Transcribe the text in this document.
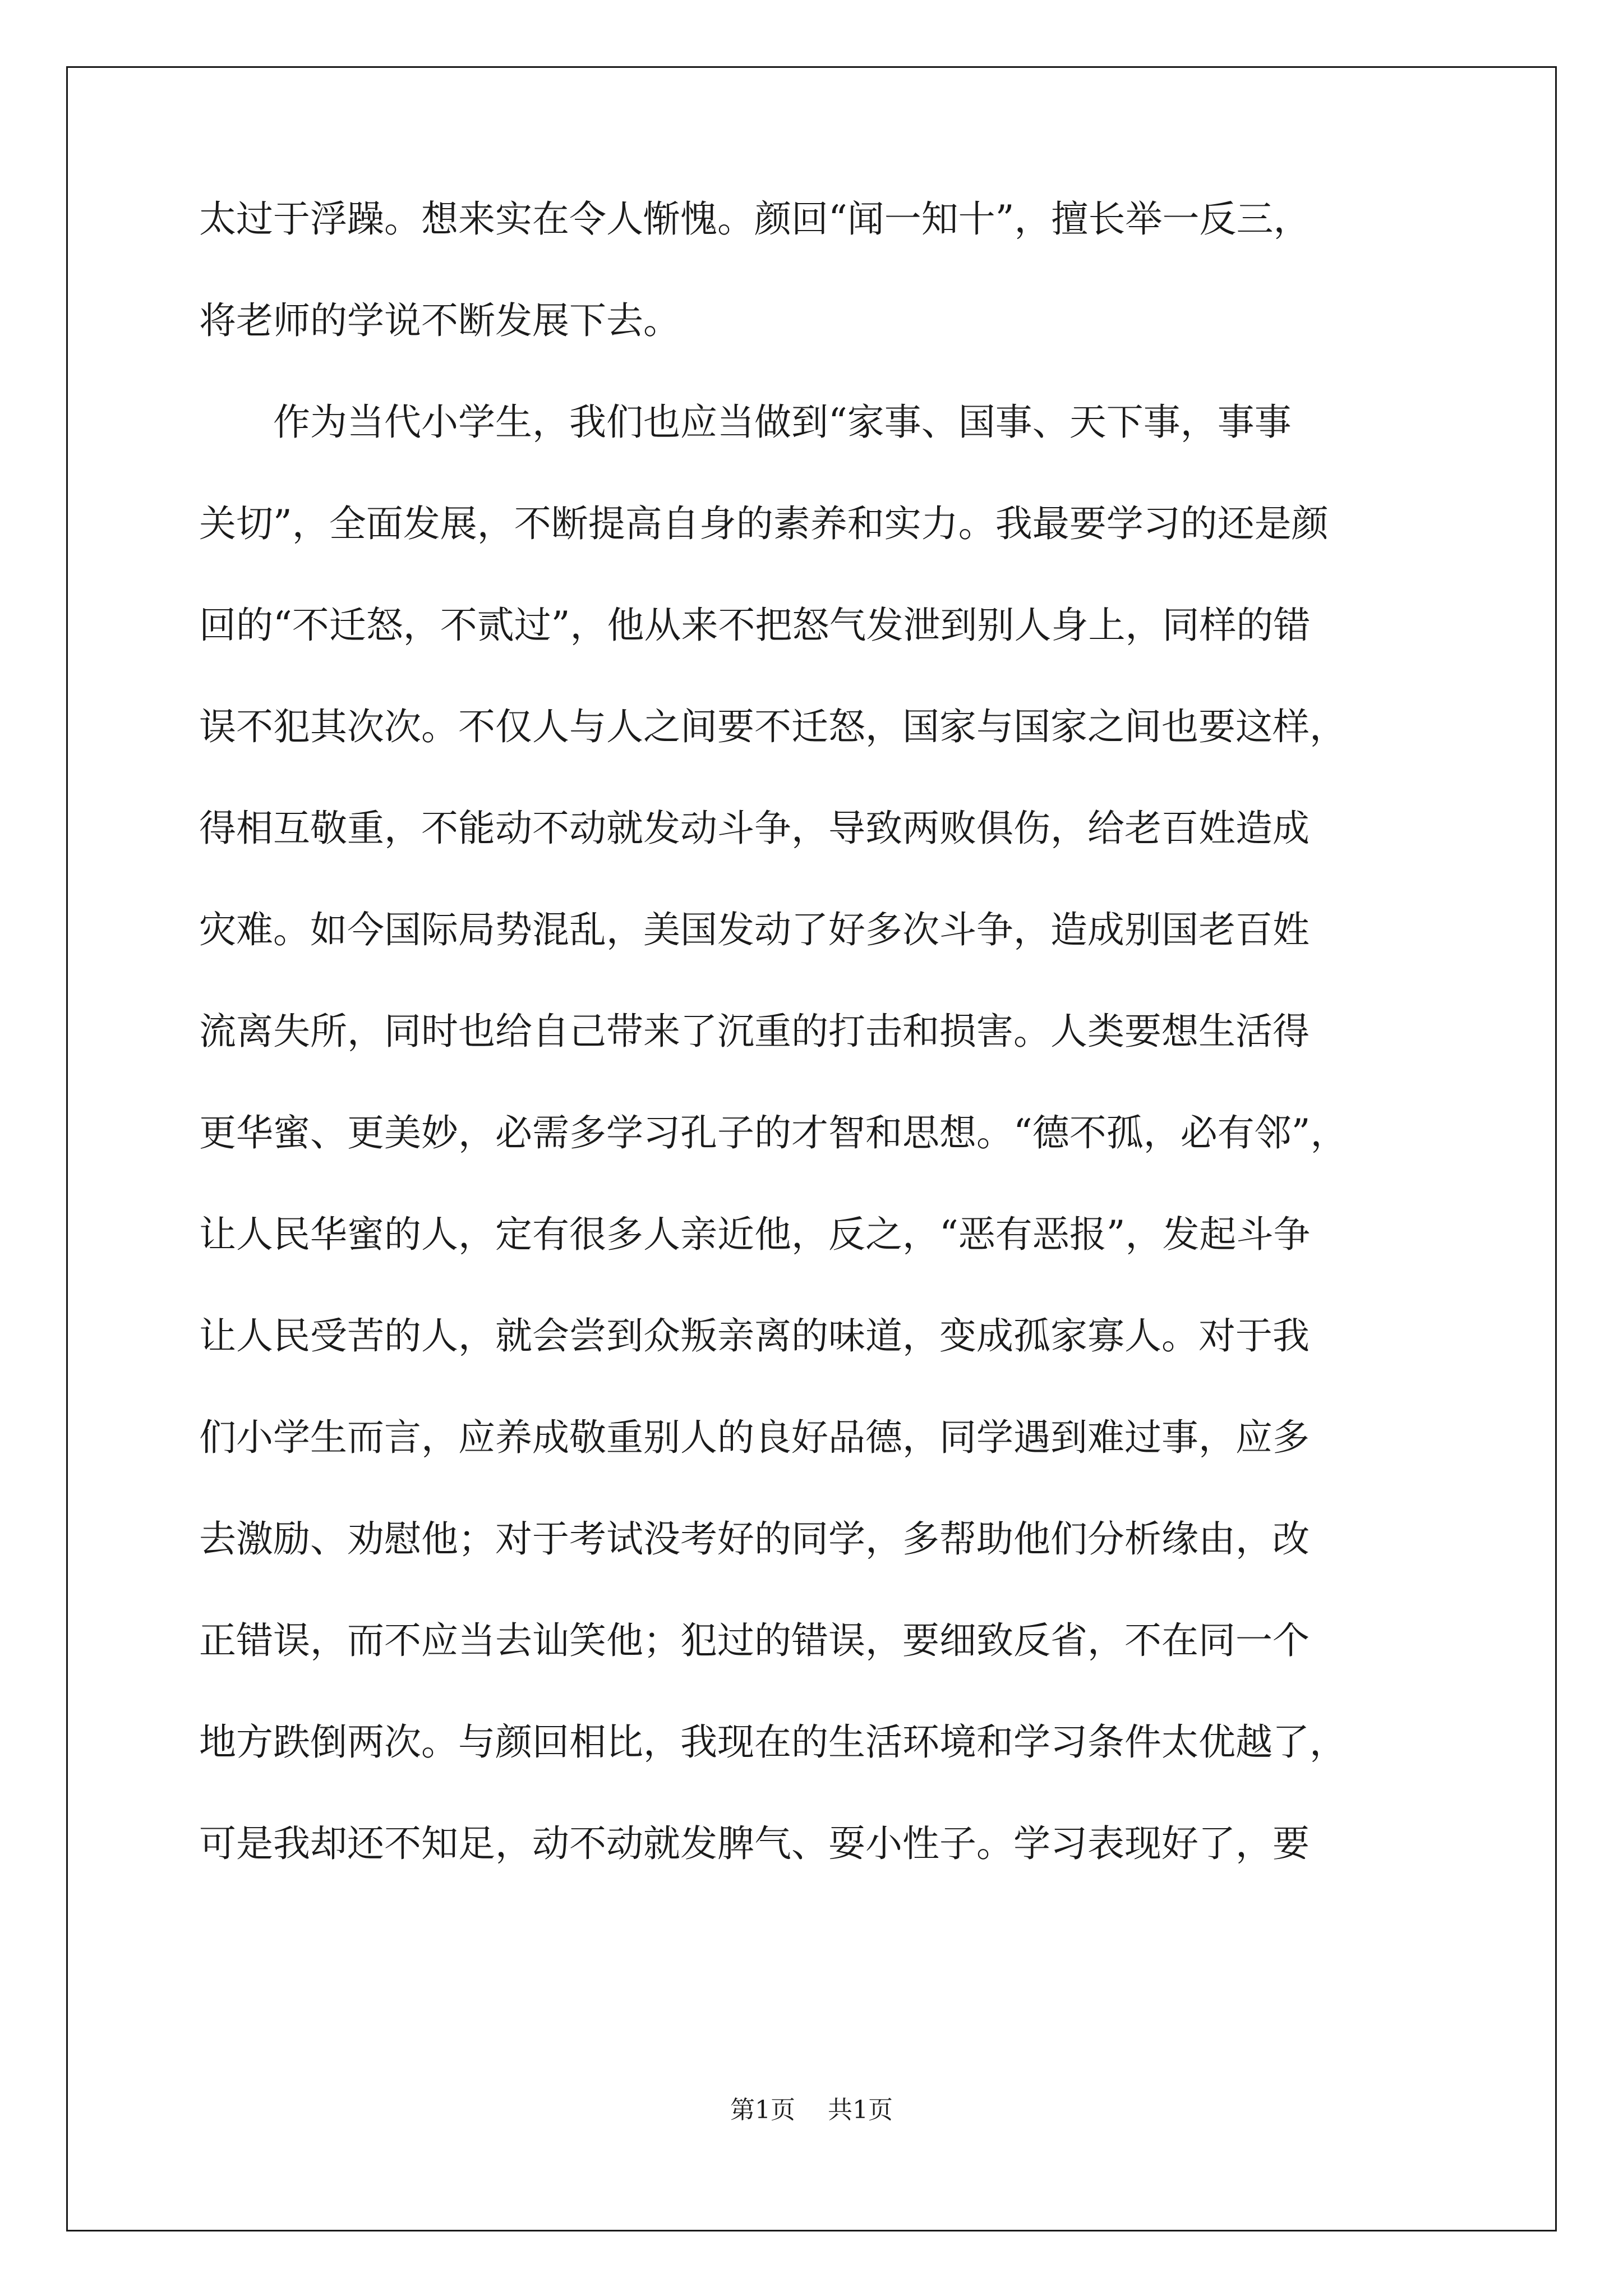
太过于浮躁。想来实在令人惭愧。颜回“闻一知十”，擅长举一反三，
将老师的学说不断发展下去。

作为当代小学生，我们也应当做到“家事、国事、天下事，事事
关切”，全面发展，不断提高自身的素养和实力。我最要学习的还是颜
回的“不迁怒，不贰过”，他从来不把怒气发泄到别人身上，同样的错
误不犯其次次。不仅人与人之间要不迁怒，国家与国家之间也要这样，
得相互敬重，不能动不动就发动斗争，导致两败俱伤，给老百姓造成
灾难。如今国际局势混乱，美国发动了好多次斗争，造成别国老百姓
流离失所，同时也给自己带来了沉重的打击和损害。人类要想生活得
更华蜜、更美妙，必需多学习孔子的才智和思想。“德不孤，必有邻”，
让人民华蜜的人，定有很多人亲近他，反之，“恶有恶报”，发起斗争
让人民受苦的人，就会尝到众叛亲离的味道，变成孤家寡人。对于我
们小学生而言，应养成敬重别人的良好品德，同学遇到难过事，应多
去激励、劝慰他；对于考试没考好的同学，多帮助他们分析缘由，改
正错误，而不应当去讪笑他；犯过的错误，要细致反省，不在同一个
地方跌倒两次。与颜回相比，我现在的生活环境和学习条件太优越了，
可是我却还不知足，动不动就发脾气、耍小性子。学习表现好了，要

第1页 共1页
